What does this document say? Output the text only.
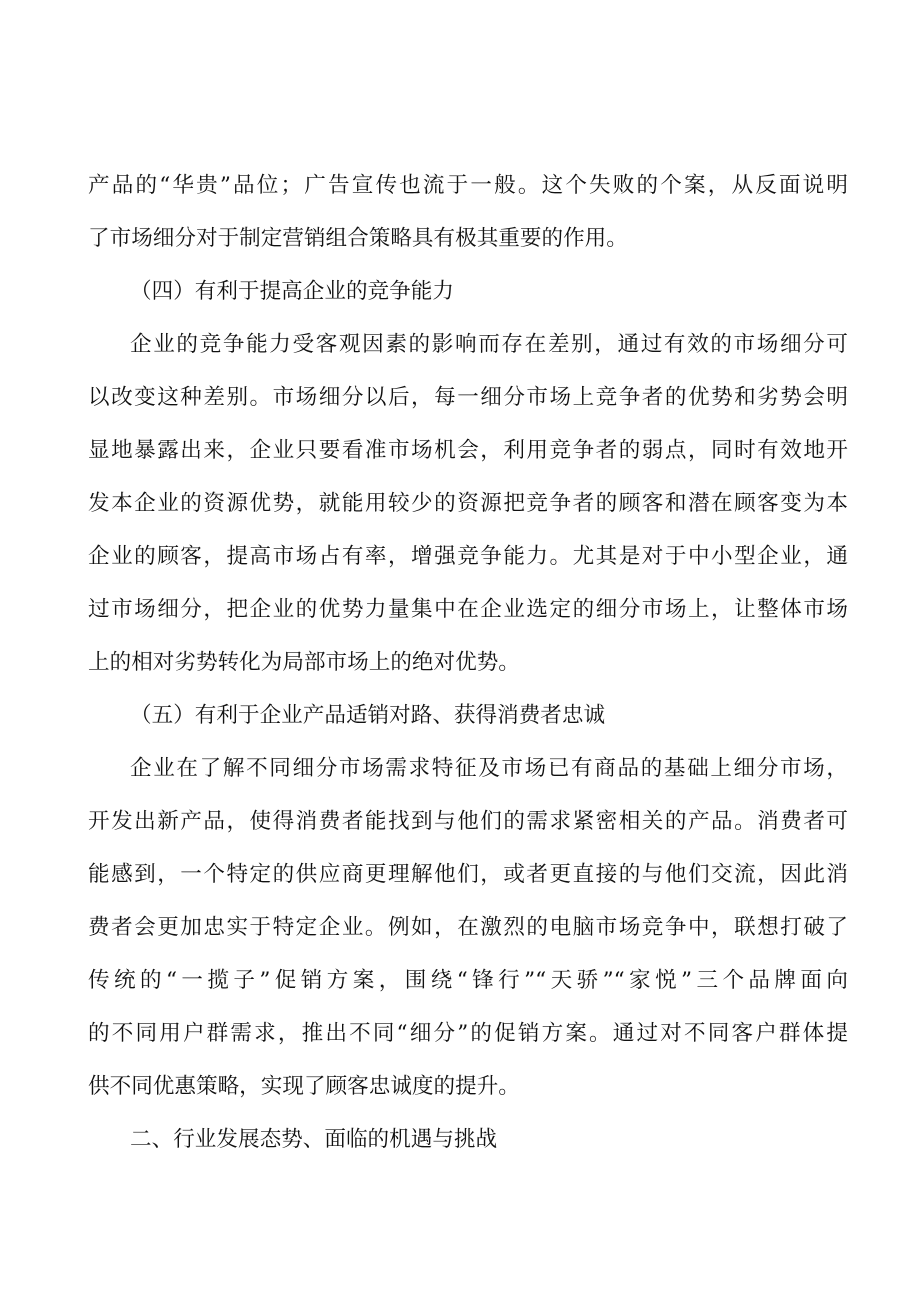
产品的“华贵”品位；广告宣传也流于一般。这个失败的个案，从反面说明
了市场细分对于制定营销组合策略具有极其重要的作用。
（四）有利于提高企业的竞争能力
企业的竞争能力受客观因素的影响而存在差别，通过有效的市场细分可
以改变这种差别。市场细分以后，每一细分市场上竞争者的优势和劣势会明
显地暴露出来，企业只要看准市场机会，利用竞争者的弱点，同时有效地开
发本企业的资源优势，就能用较少的资源把竞争者的顾客和潜在顾客变为本
企业的顾客，提高市场占有率，增强竞争能力。尤其是对于中小型企业，通
过市场细分，把企业的优势力量集中在企业选定的细分市场上，让整体市场
上的相对劣势转化为局部市场上的绝对优势。
（五）有利于企业产品适销对路、获得消费者忠诚
企业在了解不同细分市场需求特征及市场已有商品的基础上细分市场，
开发出新产品，使得消费者能找到与他们的需求紧密相关的产品。消费者可
能感到，一个特定的供应商更理解他们，或者更直接的与他们交流，因此消
费者会更加忠实于特定企业。例如，在激烈的电脑市场竞争中，联想打破了
传统的“一揽子”促销方案，围绕“锋行”“天骄”“家悦”三个品牌面向
的不同用户群需求，推出不同“细分”的促销方案。通过对不同客户群体提
供不同优惠策略，实现了顾客忠诚度的提升。
二、行业发展态势、面临的机遇与挑战
